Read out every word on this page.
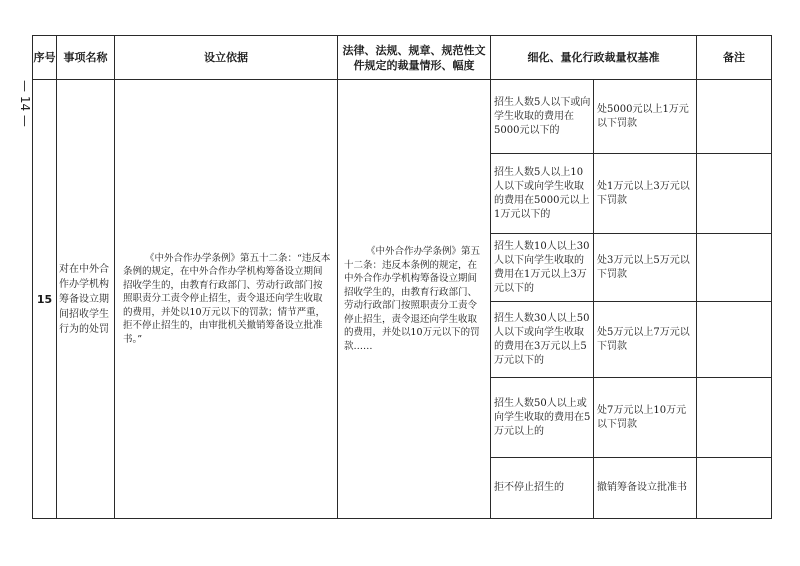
— 14 —
序号	事项名称	设立依据	法律、法规、规章、规范性文件规定的裁量情形、幅度	细化、量化行政裁量权基准		备注
15	对在中外合作办学机构筹备设立期间招收学生行为的处罚	《中外合作办学条例》第五十二条：“违反本条例的规定，在中外合作办学机构筹备设立期间招收学生的，由教育行政部门、劳动行政部门按照职责分工责令停止招生，责令退还向学生收取的费用，并处以10万元以下的罚款；情节严重，拒不停止招生的，由审批机关撤销筹备设立批准书。”	《中外合作办学条例》第五十二条：违反本条例的规定，在中外合作办学机构筹备设立期间招收学生的，由教育行政部门、劳动行政部门按照职责分工责令停止招生，责令退还向学生收取的费用，并处以10万元以下的罚款……	招生人数5人以下或向学生收取的费用在5000元以下的	处5000元以上1万元以下罚款	
				招生人数5人以上10人以下或向学生收取的费用在5000元以上1万元以下的	处1万元以上3万元以下罚款	
				招生人数10人以上30人以下向学生收取的费用在1万元以上3万元以下的	处3万元以上5万元以下罚款	
				招生人数30人以上50人以下或向学生收取的费用在3万元以上5万元以下的	处5万元以上7万元以下罚款	
				招生人数50人以上或向学生收取的费用在5万元以上的	处7万元以上10万元以下罚款	
				拒不停止招生的	撤销筹备设立批准书	
